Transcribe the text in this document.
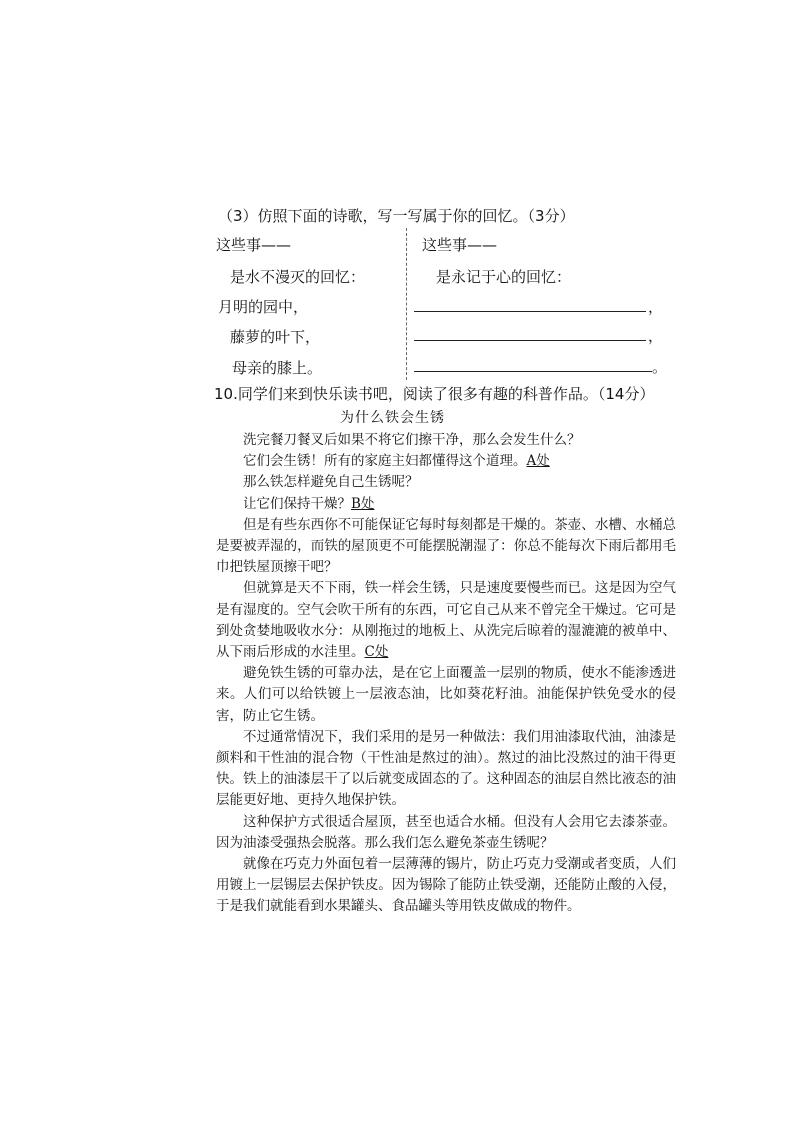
（3）仿照下面的诗歌，写一写属于你的回忆。（3分）
这些事——
是水不漫灭的回忆：
月明的园中，
藤萝的叶下，
母亲的膝上。
这些事——
是永记于心的回忆：
，
，
。
10.同学们来到快乐读书吧，阅读了很多有趣的科普作品。（14分）
为什么铁会生锈

洗完餐刀餐叉后如果不将它们擦干净，那么会发生什么？

它们会生锈！所有的家庭主妇都懂得这个道理。A处

那么铁怎样避免自己生锈呢？

让它们保持干燥？B处

但是有些东西你不可能保证它每时每刻都是干燥的。茶壶、水槽、水桶总是要被弄湿的，而铁的屋顶更不可能摆脱潮湿了：你总不能每次下雨后都用毛巾把铁屋顶擦干吧？

但就算是天不下雨，铁一样会生锈，只是速度要慢些而已。这是因为空气是有湿度的。空气会吹干所有的东西，可它自己从来不曾完全干燥过。它可是到处贪婪地吸收水分：从刚拖过的地板上、从洗完后晾着的湿漉漉的被单中、从下雨后形成的水洼里。C处

避免铁生锈的可靠办法，是在它上面覆盖一层别的物质，使水不能渗透进来。人们可以给铁镀上一层液态油，比如葵花籽油。油能保护铁免受水的侵害，防止它生锈。

不过通常情况下，我们采用的是另一种做法：我们用油漆取代油，油漆是颜料和干性油的混合物（干性油是熬过的油）。熬过的油比没熬过的油干得更快。铁上的油漆层干了以后就变成固态的了。这种固态的油层自然比液态的油层能更好地、更持久地保护铁。

这种保护方式很适合屋顶，甚至也适合水桶。但没有人会用它去漆茶壶。因为油漆受强热会脱落。那么我们怎么避免茶壶生锈呢？

就像在巧克力外面包着一层薄薄的锡片，防止巧克力受潮或者变质，人们用镀上一层锡层去保护铁皮。因为锡除了能防止铁受潮，还能防止酸的入侵，于是我们就能看到水果罐头、食品罐头等用铁皮做成的物件。
